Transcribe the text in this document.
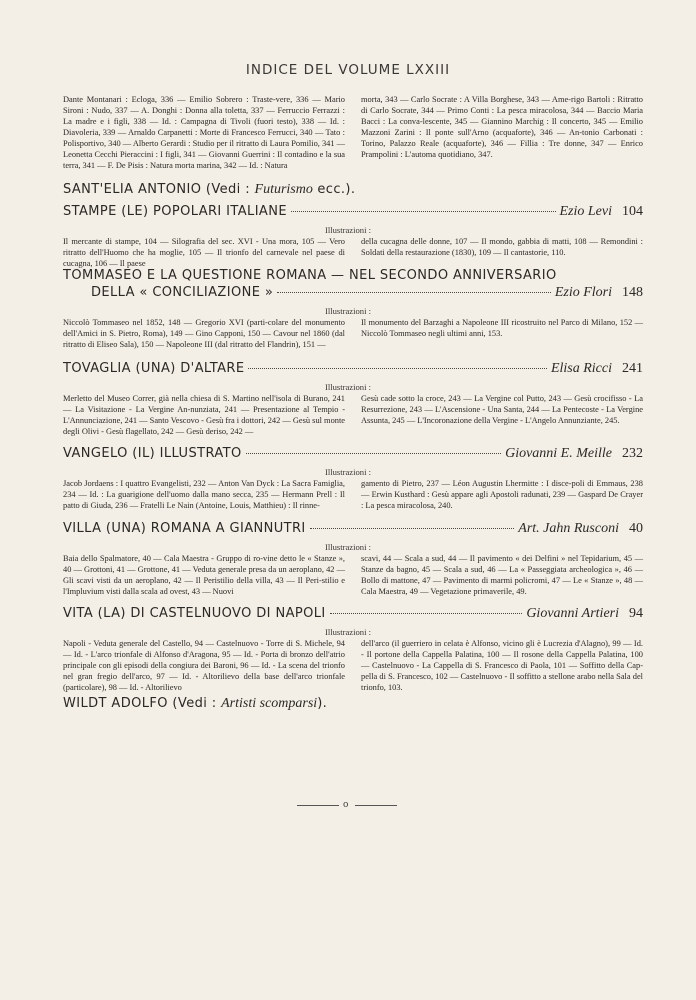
INDICE DEL VOLUME LXXIII
Dante Montanari : Ecloga, 336 — Emilio Sobrero : Traste-vere, 336 — Mario Sironi : Nudo, 337 — A. Donghi : Donna alla toletta, 337 — Ferruccio Ferrazzi : La madre e i figli, 338 — Id. : Campagna di Tivoli (fuori testo), 338 — Id. : Diavoleria, 339 — Arnaldo Carpanetti : Morte di Francesco Ferrucci, 340 — Tato : Polisportivo, 340 — Alberto Gerardi : Studio per il ritratto di Laura Pomilio, 341 — Leonetta Cecchi Pieraccini : I figli, 341 — Giovanni Guerrini : Il contadino e la sua terra, 341 — F. De Pisis : Natura morta marina, 342 — Id. : Natura
morta, 343 — Carlo Socrate : A Villa Borghese, 343 — Ame-rigo Bartoli : Ritratto di Carlo Socrate, 344 — Primo Conti : La pesca miracolosa, 344 — Baccio Maria Bacci : La conva-lescente, 345 — Giannino Marchig : Il concerto, 345 — Emilio Mazzoni Zarini : Il ponte sull'Arno (acquaforte), 346 — An-tonio Carbonati : Torino, Palazzo Reale (acquaforte), 346 — Fillia : Tre donne, 347 — Enrico Prampolini : L'automa quotidiano, 347.
SANT'ELIA ANTONIO (Vedi : Futurismo ecc.).
STAMPE (LE) POPOLARI ITALIANE	Ezio Levi 104
Illustrazioni :
Il mercante di stampe, 104 — Silografia del sec. XVI - Una mora, 105 — Vero ritratto dell'Huomo che ha moglie, 105 — Il trionfo del carnevale nel paese di cucagna, 106 — Il paese
della cucagna delle donne, 107 — Il mondo, gabbia di matti, 108 — Remondini : Soldati della restaurazione (1830), 109 — Il cantastorie, 110.
TOMMASEO E LA QUESTIONE ROMANA — NEL SECONDO ANNIVERSARIO
DELLA « CONCILIAZIONE »	Ezio Flori 148
Illustrazioni :
Niccolò Tommaseo nel 1852, 148 — Gregorio XVI (parti-colare del monumento dell'Amici in S. Pietro, Roma), 149 — Gino Capponi, 150 — Cavour nel 1860 (dal ritratto di Eliseo Sala), 150 — Napoleone III (dal ritratto del Flandrin), 151 —
Il monumento del Barzaghi a Napoleone III ricostruito nel Parco di Milano, 152 — Niccolò Tommaseo negli ultimi anni, 153.
TOVAGLIA (UNA) D'ALTARE	Elisa Ricci 241
Illustrazioni :
Merletto del Museo Correr, già nella chiesa di S. Martino nell'isola di Burano, 241 — La Visitazione - La Vergine An-nunziata, 241 — Presentazione al Tempio - L'Annunciazione, 241 — Santo Vescovo - Gesù fra i dottori, 242 — Gesù sul monte degli Olivi - Gesù flagellato, 242 — Gesù deriso, 242 —
Gesù cade sotto la croce, 243 — La Vergine col Putto, 243 — Gesù crocifisso - La Resurrezione, 243 — L'Ascensione - Una Santa, 244 — La Pentecoste - La Vergine Assunta, 245 — L'Incoronazione della Vergine - L'Angelo Annunziante, 245.
VANGELO (IL) ILLUSTRATO	Giovanni E. Meille 232
Illustrazioni :
Jacob Jordaens : I quattro Evangelisti, 232 — Anton Van Dyck : La Sacra Famiglia, 234 — Id. : La guarigione dell'uomo dalla mano secca, 235 — Hermann Prell : Il patto di Giuda, 236 — Fratelli Le Nain (Antoine, Louis, Matthieu) : Il rinne-
gamento di Pietro, 237 — Léon Augustin Lhermitte : I disce-poli di Emmaus, 238 — Erwin Kusthard : Gesù appare agli Apostoli radunati, 239 — Gaspard De Crayer : La pesca miracolosa, 240.
VILLA (UNA) ROMANA A GIANNUTRI	Art. Jahn Rusconi 40
Illustrazioni :
Baia dello Spalmatore, 40 — Cala Maestra - Gruppo di ro-vine detto le « Stanze », 40 — Grottoni, 41 — Grottone, 41 — Veduta generale presa da un aeroplano, 42 — Gli scavi visti da un aeroplano, 42 — Il Peristilio della villa, 43 — Il Peri-stilio e l'Impluvium visti dalla scala ad ovest, 43 — Nuovi
scavi, 44 — Scala a sud, 44 — Il pavimento « dei Delfini » nel Tepidarium, 45 — Stanze da bagno, 45 — Scala a sud, 46 — La « Passeggiata archeologica », 46 — Bollo di mattone, 47 — Pavimento di marmi policromi, 47 — Le « Stanze », 48 — Cala Maestra, 49 — Vegetazione primaverile, 49.
VITA (LA) DI CASTELNUOVO DI NAPOLI	Giovanni Artieri 94
Illustrazioni :
Napoli - Veduta generale del Castello, 94 — Castelnuovo - Torre di S. Michele, 94 — Id. - L'arco trionfale di Alfonso d'Aragona, 95 — Id. - Porta di bronzo dell'atrio principale con gli episodi della congiura dei Baroni, 96 — Id. - La scena del trionfo nel gran fregio dell'arco, 97 — Id. - Altorilievo della base dell'arco trionfale (particolare), 98 — Id. - Altorilievo
dell'arco (il guerriero in celata è Alfonso, vicino gli è Lucrezia d'Alagno), 99 — Id. - Il portone della Cappella Palatina, 100 — Il rosone della Cappella Palatina, 100 — Castelnuovo - La Cappella di S. Francesco di Paola, 101 — Soffitto della Cap-pella di S. Francesco, 102 — Castelnuovo - Il soffitto a stellone arabo nella Sala del trionfo, 103.
WILDT ADOLFO (Vedi : Artisti scomparsi).
o
